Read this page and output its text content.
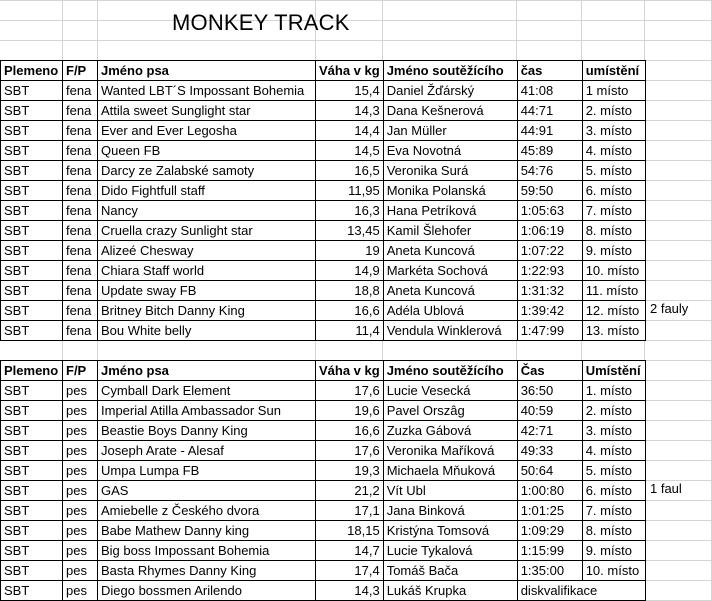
MONKEY TRACK
Plemeno	F/P	Jméno psa	Váha v kg	Jméno soutěžícího	čas	umístění
SBT	fena	Wanted LBT´S Impossant Bohemia	15,4	Daniel Žďárský	41:08	1 místo
SBT	fena	Attila sweet Sunglight star	14,3	Dana Kešnerová	44:71	2. místo
SBT	fena	Ever and Ever Legosha	14,4	Jan Müller	44:91	3. místo
SBT	fena	Queen FB	14,5	Eva Novotná	45:89	4. místo
SBT	fena	Darcy ze Zalabské samoty	16,5	Veronika Surá	54:76	5. místo
SBT	fena	Dido Fightfull staff	11,95	Monika Polanská	59:50	6. místo
SBT	fena	Nancy	16,3	Hana Petríková	1:05:63	7. místo
SBT	fena	Cruella crazy Sunlight star	13,45	Kamil Šlehofer	1:06:19	8. místo
SBT	fena	Alizeé Chesway	19	Aneta Kuncová	1:07:22	9. místo
SBT	fena	Chiara Staff world	14,9	Markéta Sochová	1:22:93	10. místo
SBT	fena	Update sway FB	18,8	Aneta Kuncová	1:31:32	11. místo
SBT	fena	Britney Bitch Danny King	16,6	Adéla Ublová	1:39:42	12. místo
SBT	fena	Bou White belly	11,4	Vendula Winklerová	1:47:99	13. místo
2 fauly
Plemeno	F/P	Jméno psa	Váha v kg	Jméno soutěžícího	Čas	Umístění
SBT	pes	Cymball Dark Element	17,6	Lucie Vesecká	36:50	1. místo
SBT	pes	Imperial Atilla Ambassador Sun	19,6	Pavel Orszâg	40:59	2. místo
SBT	pes	Beastie Boys Danny King	16,6	Zuzka Gábová	42:71	3. místo
SBT	pes	Joseph Arate - Alesaf	17,6	Veronika Maříková	49:33	4. místo
SBT	pes	Umpa Lumpa FB	19,3	Michaela Mňuková	50:64	5. místo
SBT	pes	GAS	21,2	Vít Ubl	1:00:80	6. místo
SBT	pes	Amiebelle z Českého dvora	17,1	Jana Binková	1:01:25	7. místo
SBT	pes	Babe Mathew Danny king	18,15	Kristýna Tomsová	1:09:29	8. místo
SBT	pes	Big boss Impossant Bohemia	14,7	Lucie Tykalová	1:15:99	9. místo
SBT	pes	Basta Rhymes Danny King	17,4	Tomáš Bača	1:35:00	10. místo
SBT	pes	Diego bossmen Arilendo	14,3	Lukáš Krupka	diskvalifikace	
1 faul
